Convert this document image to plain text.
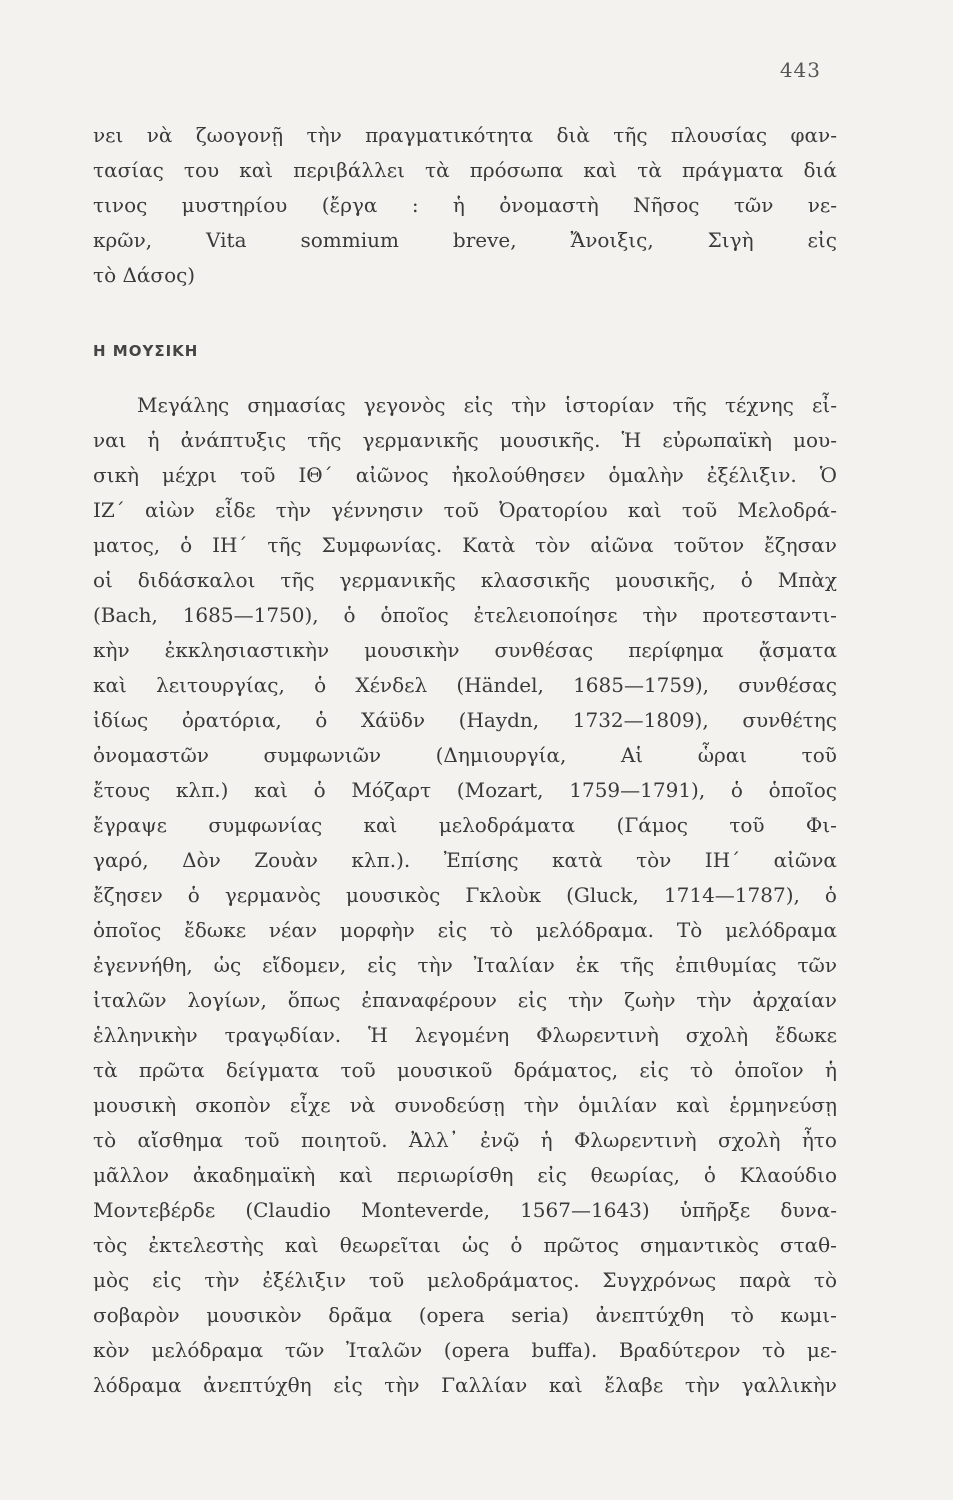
443
νει νὰ ζωογονῇ τὴν πραγματικότητα διὰ τῆς πλουσίας φαν-
τασίας του καὶ περιβάλλει τὰ πρόσωπα καὶ τὰ πράγματα διά
τινος μυστηρίου (ἔργα : ἡ ὀνομαστὴ Νῆσος τῶν νε-
κρῶν,	Vita	sommium	breve,	Ἄνοιξις,	Σιγὴ	εἰς
τὸ Δάσος)
Η ΜΟΥΣΙΚΗ
Μεγάλης σημασίας γεγονὸς εἰς τὴν ἱστορίαν τῆς τέχνης εἶ-
ναι ἡ ἀνάπτυξις τῆς γερμανικῆς μουσικῆς. Ἡ εὐρωπαϊκὴ μου-
σικὴ μέχρι τοῦ ΙΘ΄ αἰῶνος ἠκολούθησεν ὁμαλὴν ἐξέλιξιν. Ὁ
ΙΖ΄ αἰὼν εἶδε τὴν γέννησιν τοῦ Ὀρατορίου καὶ τοῦ Μελοδρά-
ματος, ὁ ΙΗ΄ τῆς Συμφωνίας. Κατὰ τὸν αἰῶνα τοῦτον ἔζησαν
οἱ διδάσκαλοι τῆς γερμανικῆς κλασσικῆς μουσικῆς, ὁ Μπὰχ
(Bach, 1685—1750), ὁ ὁποῖος ἐτελειοποίησε τὴν προτεσταντι-
κὴν ἐκκλησιαστικὴν μουσικὴν συνθέσας περίφημα ᾄσματα
καὶ λειτουργίας, ὁ Χένδελ (Händel, 1685—1759), συνθέσας
ἰδίως ὀρατόρια, ὁ Χάϋδν (Haydn, 1732—1809), συνθέτης
ὀνομαστῶν	συμφωνιῶν	(Δημιουργία,	Αἱ	ὧραι	τοῦ
ἔτους κλπ.) καὶ ὁ Μόζαρτ (Mozart, 1759—1791), ὁ ὁποῖος
ἔγραψε συμφωνίας καὶ μελοδράματα (Γάμος τοῦ Φι-
γαρό, Δὸν Ζουὰν κλπ.). Ἐπίσης κατὰ τὸν ΙΗ΄ αἰῶνα
ἔζησεν ὁ γερμανὸς μουσικὸς Γκλοὺκ (Gluck, 1714—1787), ὁ
ὁποῖος ἔδωκε νέαν μορφὴν εἰς τὸ μελόδραμα. Τὸ μελόδραμα
ἐγεννήθη, ὡς εἴδομεν, εἰς τὴν Ἰταλίαν ἐκ τῆς ἐπιθυμίας τῶν
ἰταλῶν λογίων, ὅπως ἐπαναφέρουν εἰς τὴν ζωὴν τὴν ἀρχαίαν
ἑλληνικὴν τραγῳδίαν. Ἡ λεγομένη Φλωρεντινὴ σχολὴ ἔδωκε
τὰ πρῶτα δείγματα τοῦ μουσικοῦ δράματος, εἰς τὸ ὁποῖον ἡ
μουσικὴ σκοπὸν εἶχε νὰ συνοδεύσῃ τὴν ὁμιλίαν καὶ ἑρμηνεύσῃ
τὸ αἴσθημα τοῦ ποιητοῦ. Ἀλλ᾽ ἐνῷ ἡ Φλωρεντινὴ σχολὴ ἦτο
μᾶλλον ἀκαδημαϊκὴ καὶ περιωρίσθη εἰς θεωρίας, ὁ Κλαούδιο
Μοντεβέρδε (Claudio Monteverde, 1567—1643) ὑπῆρξε δυνα-
τὸς ἐκτελεστὴς καὶ θεωρεῖται ὡς ὁ πρῶτος σημαντικὸς σταθ-
μὸς εἰς τὴν ἐξέλιξιν τοῦ μελοδράματος. Συγχρόνως παρὰ τὸ
σοβαρὸν μουσικὸν δρᾶμα (opera seria) ἀνεπτύχθη τὸ κωμι-
κὸν μελόδραμα τῶν Ἰταλῶν (opera buffa). Βραδύτερον τὸ με-
λόδραμα ἀνεπτύχθη εἰς τὴν Γαλλίαν καὶ ἔλαβε τὴν γαλλικὴν
